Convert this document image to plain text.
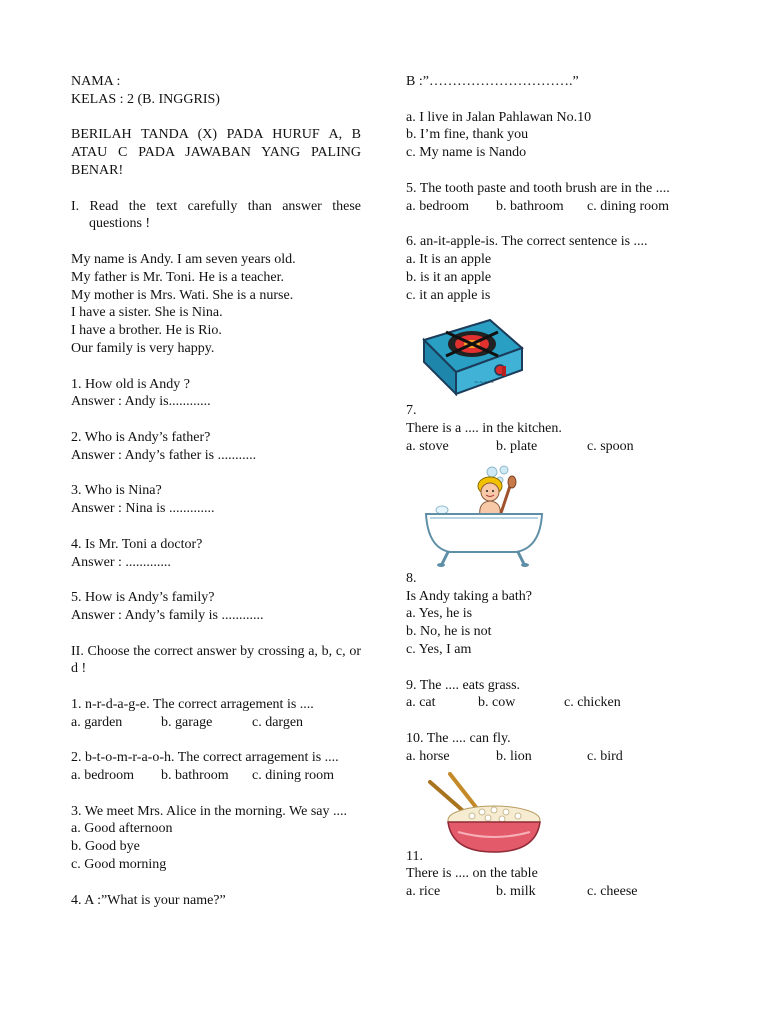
NAMA :
KELAS : 2 (B. INGGRIS)
BERILAH TANDA (X) PADA HURUF A, B ATAU C PADA JAWABAN YANG PALING BENAR!
I. Read the text carefully than answer these questions !
My name is Andy. I am seven years old.
My father is Mr. Toni. He is a teacher.
My mother is Mrs. Wati. She is a nurse.
I have a sister. She is Nina.
I have a brother. He is Rio.
Our family is very happy.
1. How old is Andy ?
Answer : Andy is............
2. Who is Andy’s father?
Answer : Andy’s father is ...........
3. Who is Nina?
Answer : Nina is .............
4. Is Mr. Toni a doctor?
Answer : .............
5. How is Andy’s family?
Answer : Andy’s family is ............
II. Choose the correct answer by crossing a, b, c, or d !
1. n-r-d-a-g-e. The correct arragement is ....
a. garden	b. garage	c. dargen
2. b-t-o-m-r-a-o-h. The correct arragement is ....
a. bedroom	b. bathroom	c. dining room
3. We meet Mrs. Alice in the morning. We say ....
a. Good afternoon
b. Good bye
c. Good morning
4. A :”What is your name?”
B :”………………………….”
a. I live in Jalan Pahlawan No.10
b. I’m fine, thank you
c. My name is Nando
5. The tooth paste and tooth brush are in the ....
a. bedroom	b. bathroom	c. dining room
6. an-it-apple-is. The correct sentence is ....
a. It is an apple
b. is it an apple
c. it an apple is
~~~~
7.
There is a .... in the kitchen.
a. stove	b. plate	c. spoon
8.
Is Andy taking a bath?
a. Yes, he is
b. No, he is not
c. Yes, I am
9. The .... eats grass.
a. cat	b. cow	c. chicken
10. The .... can fly.
a. horse	b. lion	c. bird
11.
There is .... on the table
a. rice	b. milk	c. cheese
